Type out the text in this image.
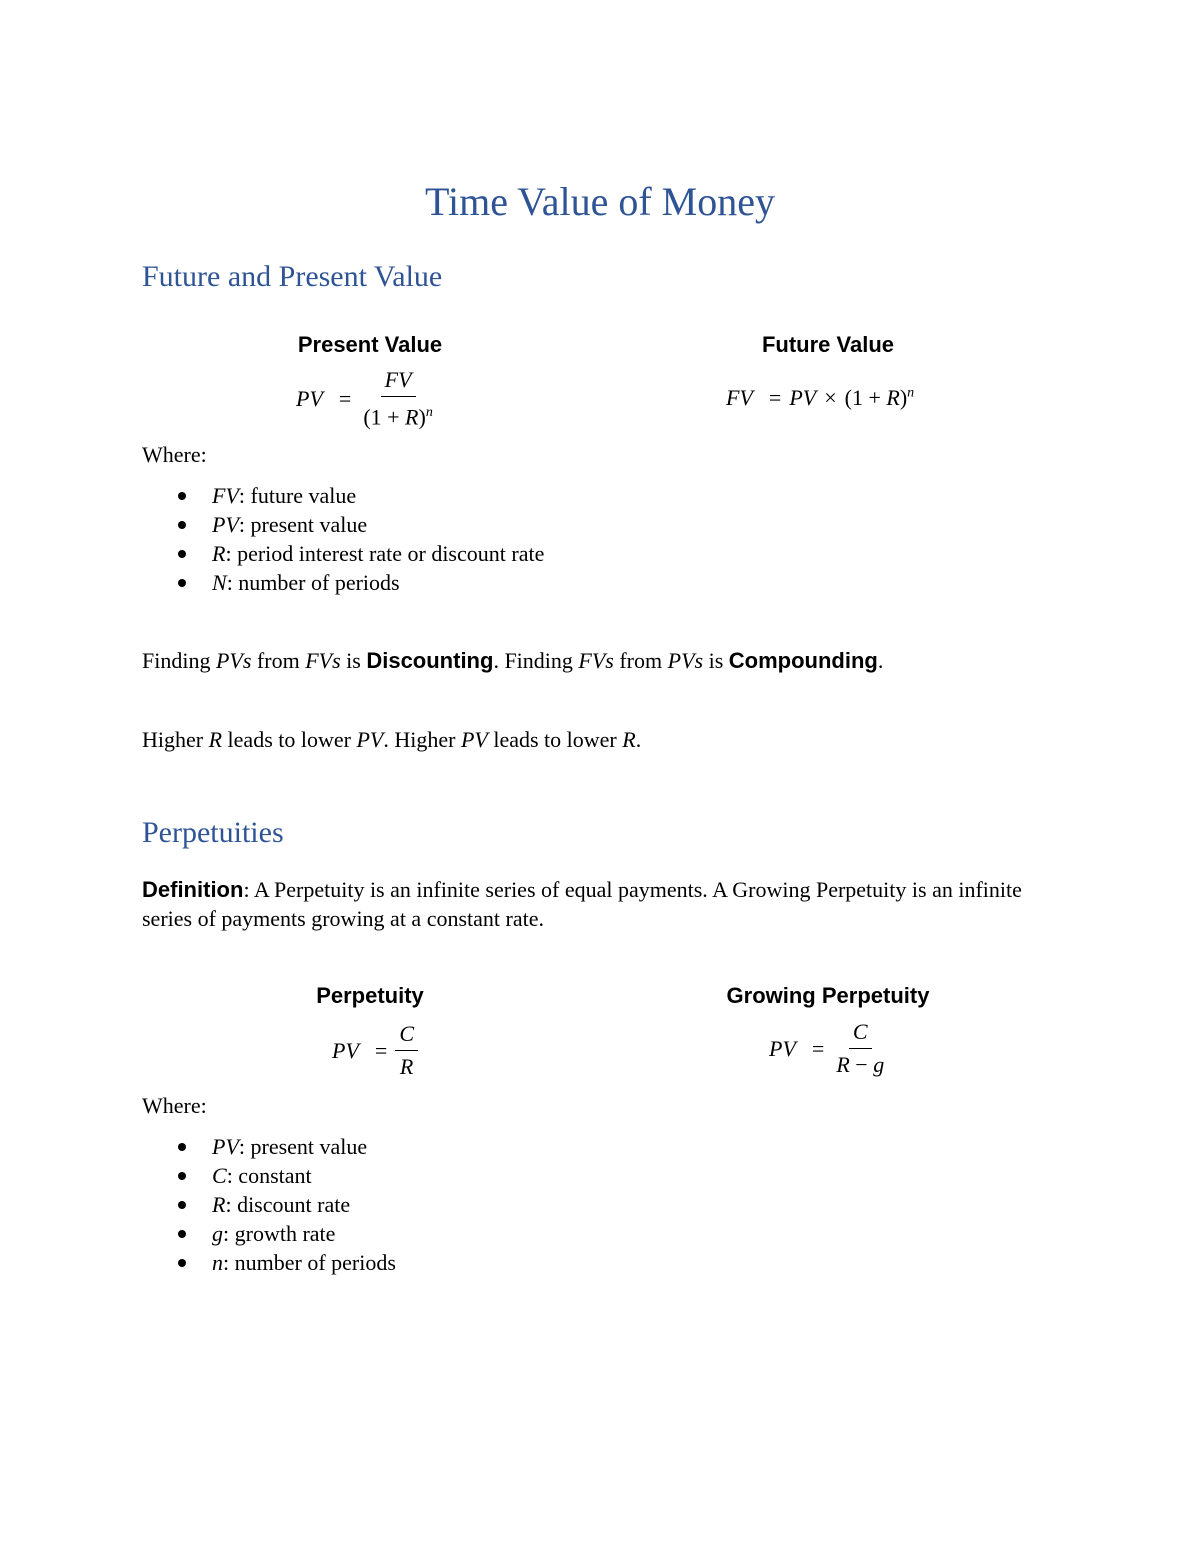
Time Value of Money
Future and Present Value
Present Value	Future Value
PV = $\frac{FV}{(1 + R)^n}$	FV = PV × $(1 + R)^n$
Where:
FV: future value
PV: present value
R: period interest rate or discount rate
N: number of periods
Finding PVs from FVs is Discounting. Finding FVs from PVs is Compounding.
Higher R leads to lower PV. Higher PV leads to lower R.
Perpetuities
Definition: A Perpetuity is an infinite series of equal payments. A Growing Perpetuity is an infinite series of payments growing at a constant rate.
Perpetuity	Growing Perpetuity
PV = $\frac{C}{R}$	PV = $\frac{C}{R - g}$
Where:
PV: present value
C: constant
R: discount rate
g: growth rate
n: number of periods
